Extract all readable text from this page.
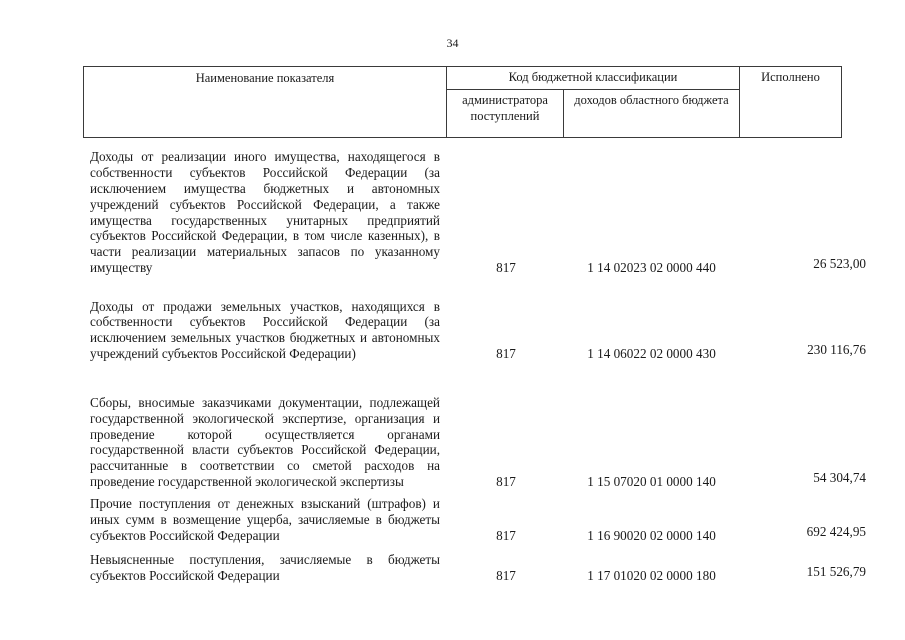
34
Наименование показателя	Код бюджетной классификации		Исполнено
	администратора поступлений	доходов областного бюджета	
Доходы от реализации иного имущества, находящегося в собственности субъектов Российской Федерации (за исключением имущества бюджетных и автономных учреждений субъектов Российской Федерации, а также имущества государственных унитарных предприятий субъектов Российской Федерации, в том числе казенных), в части реализации материальных запасов по указанному имуществу	817	1 14 02023 02 0000 440	26 523,00
Доходы от продажи земельных участков, находящихся в собственности субъектов Российской Федерации (за исключением земельных участков бюджетных и автономных учреждений субъектов Российской Федерации)	817	1 14 06022 02 0000 430	230 116,76
Сборы, вносимые заказчиками документации, подлежащей государственной экологической экспертизе, организация и проведение которой осуществляется органами государственной власти субъектов Российской Федерации, рассчитанные в соответствии со сметой расходов на проведение государственной экологической экспертизы	817	1 15 07020 01 0000 140	54 304,74
Прочие поступления от денежных взысканий (штрафов) и иных сумм в возмещение ущерба, зачисляемые в бюджеты субъектов Российской Федерации	817	1 16 90020 02 0000 140	692 424,95
Невыясненные поступления, зачисляемые в бюджеты субъектов Российской Федерации	817	1 17 01020 02 0000 180	151 526,79
